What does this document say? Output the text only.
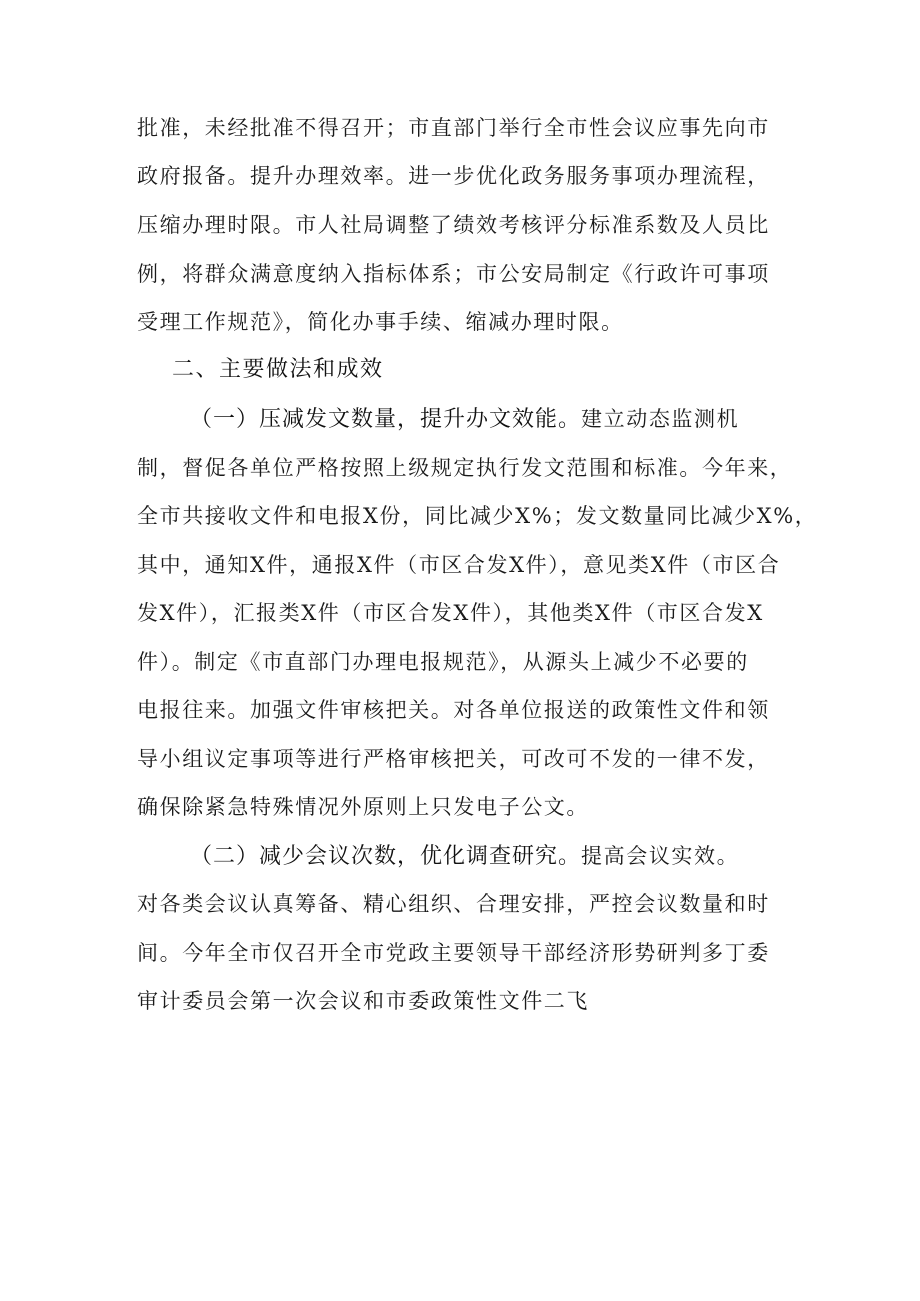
批准，未经批准不得召开；市直部门举行全市性会议应事先向市
政府报备。提升办理效率。进一步优化政务服务事项办理流程，
压缩办理时限。市人社局调整了绩效考核评分标准系数及人员比
例，将群众满意度纳入指标体系；市公安局制定《行政许可事项
受理工作规范》，简化办事手续、缩减办理时限。
二、主要做法和成效
（一）压减发文数量，提升办文效能。建立动态监测机
制，督促各单位严格按照上级规定执行发文范围和标准。今年来，
全市共接收文件和电报X份，同比减少X%；发文数量同比减少X%，
其中，通知X件，通报X件（市区合发X件），意见类X件（市区合
发X件），汇报类X件（市区合发X件），其他类X件（市区合发X
件）。制定《市直部门办理电报规范》，从源头上减少不必要的
电报往来。加强文件审核把关。对各单位报送的政策性文件和领
导小组议定事项等进行严格审核把关，可改可不发的一律不发，
确保除紧急特殊情况外原则上只发电子公文。
（二）减少会议次数，优化调查研究。提高会议实效。
对各类会议认真筹备、精心组织、合理安排，严控会议数量和时
间。今年全市仅召开全市党政主要领导干部经济形势研判多丁委
审计委员会第一次会议和市委政策性文件二飞
